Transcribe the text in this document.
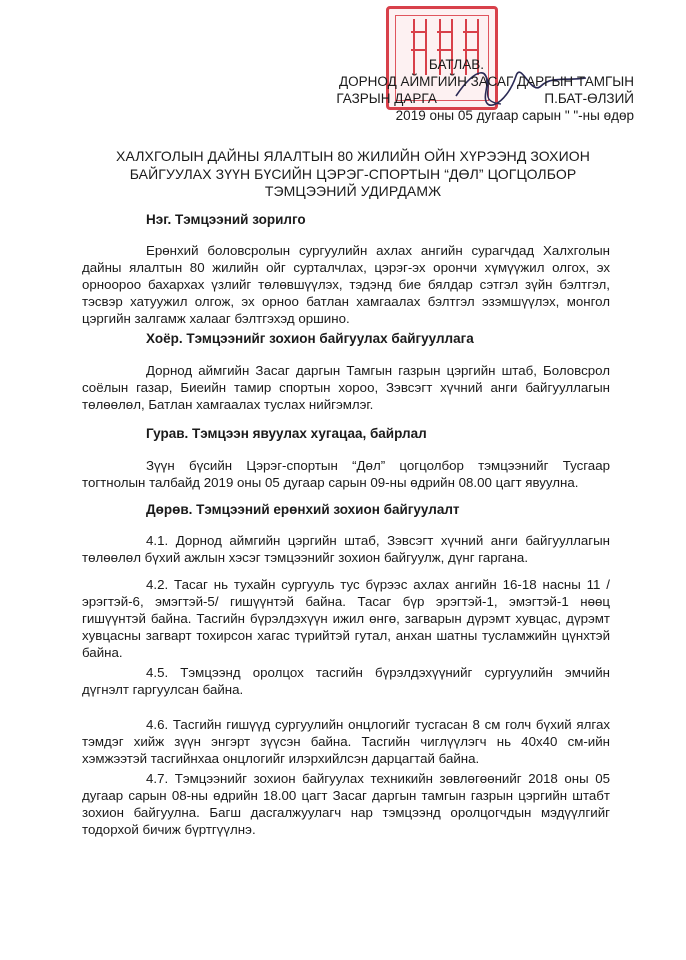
БАТЛАВ.
ДОРНОД АЙМГИЙН ЗАСАГ ДАРГЫН ТАМГЫН
ГАЗРЫН ДАРГА	П.БАТ-ӨЛЗИЙ
2019 оны 05 дугаар сарын " "-ны өдөр
ХАЛХГОЛЫН ДАЙНЫ ЯЛАЛТЫН 80 ЖИЛИЙН ОЙН ХҮРЭЭНД ЗОХИОН
БАЙГУУЛАХ ЗҮҮН БҮСИЙН ЦЭРЭГ-СПОРТЫН “ДӨЛ” ЦОГЦОЛБОР
ТЭМЦЭЭНИЙ УДИРДАМЖ
Нэг. Тэмцээний зорилго
Ерөнхий боловсролын сургуулийн ахлах ангийн сурагчдад Халхголын дайны ялалтын 80 жилийн ойг сурталчлах, цэрэг-эх орончи хүмүүжил олгох, эх орноороо бахархах үзлийг төлөвшүүлэх, тэдэнд бие бялдар сэтгэл зүйн бэлтгэл, тэсвэр хатуужил олгож, эх орноо батлан хамгаалах бэлтгэл эзэмшүүлэх, монгол цэргийн залгамж халааг бэлтгэхэд оршино.
Хоёр. Тэмцээнийг зохион байгуулах байгууллага
Дорнод аймгийн Засаг даргын Тамгын газрын цэргийн штаб, Боловсрол соёлын газар, Биеийн тамир спортын хороо, Зэвсэгт хүчний анги байгууллагын төлөөлөл, Батлан хамгаалах туслах нийгэмлэг.
Гурав. Тэмцээн явуулах хугацаа, байрлал
Зүүн бүсийн Цэрэг-спортын “Дөл” цогцолбор тэмцээнийг Тусгаар тогтнолын талбайд 2019 оны 05 дугаар сарын 09-ны өдрийн 08.00 цагт явуулна.
Дөрөв. Тэмцээний ерөнхий зохион байгуулалт
4.1. Дорнод аймгийн цэргийн штаб, Зэвсэгт хүчний анги байгууллагын төлөөлөл бүхий ажлын хэсэг тэмцээнийг зохион байгуулж, дүнг гаргана.
4.2. Тасаг нь тухайн сургууль тус бүрээс ахлах ангийн 16-18 насны 11 /эрэгтэй-6, эмэгтэй-5/ гишүүнтэй байна. Тасаг бүр эрэгтэй-1, эмэгтэй-1 нөөц гишүүнтэй байна. Тасгийн бүрэлдэхүүн ижил өнгө, загварын дүрэмт хувцас, дүрэмт хувцасны загварт тохирсон хагас түрийтэй гутал, анхан шатны тусламжийн цүнхтэй байна.
4.5. Тэмцээнд оролцох тасгийн бүрэлдэхүүнийг сургуулийн эмчийн дүгнэлт гаргуулсан байна.
4.6. Тасгийн гишүүд сургуулийн онцлогийг тусгасан 8 см голч бүхий ялгах тэмдэг хийж зүүн энгэрт зүүсэн байна. Тасгийн чиглүүлэгч нь 40х40 см-ийн хэмжээтэй тасгийнхаа онцлогийг илэрхийлсэн дарцагтай байна.
4.7. Тэмцээнийг зохион байгуулах техникийн зөвлөгөөнийг 2018 оны 05 дугаар сарын 08-ны өдрийн 18.00 цагт Засаг даргын тамгын газрын цэргийн штабт зохион байгуулна. Багш дасгалжуулагч нар тэмцээнд оролцогчдын мэдүүлгийг тодорхой бичиж бүртгүүлнэ.
